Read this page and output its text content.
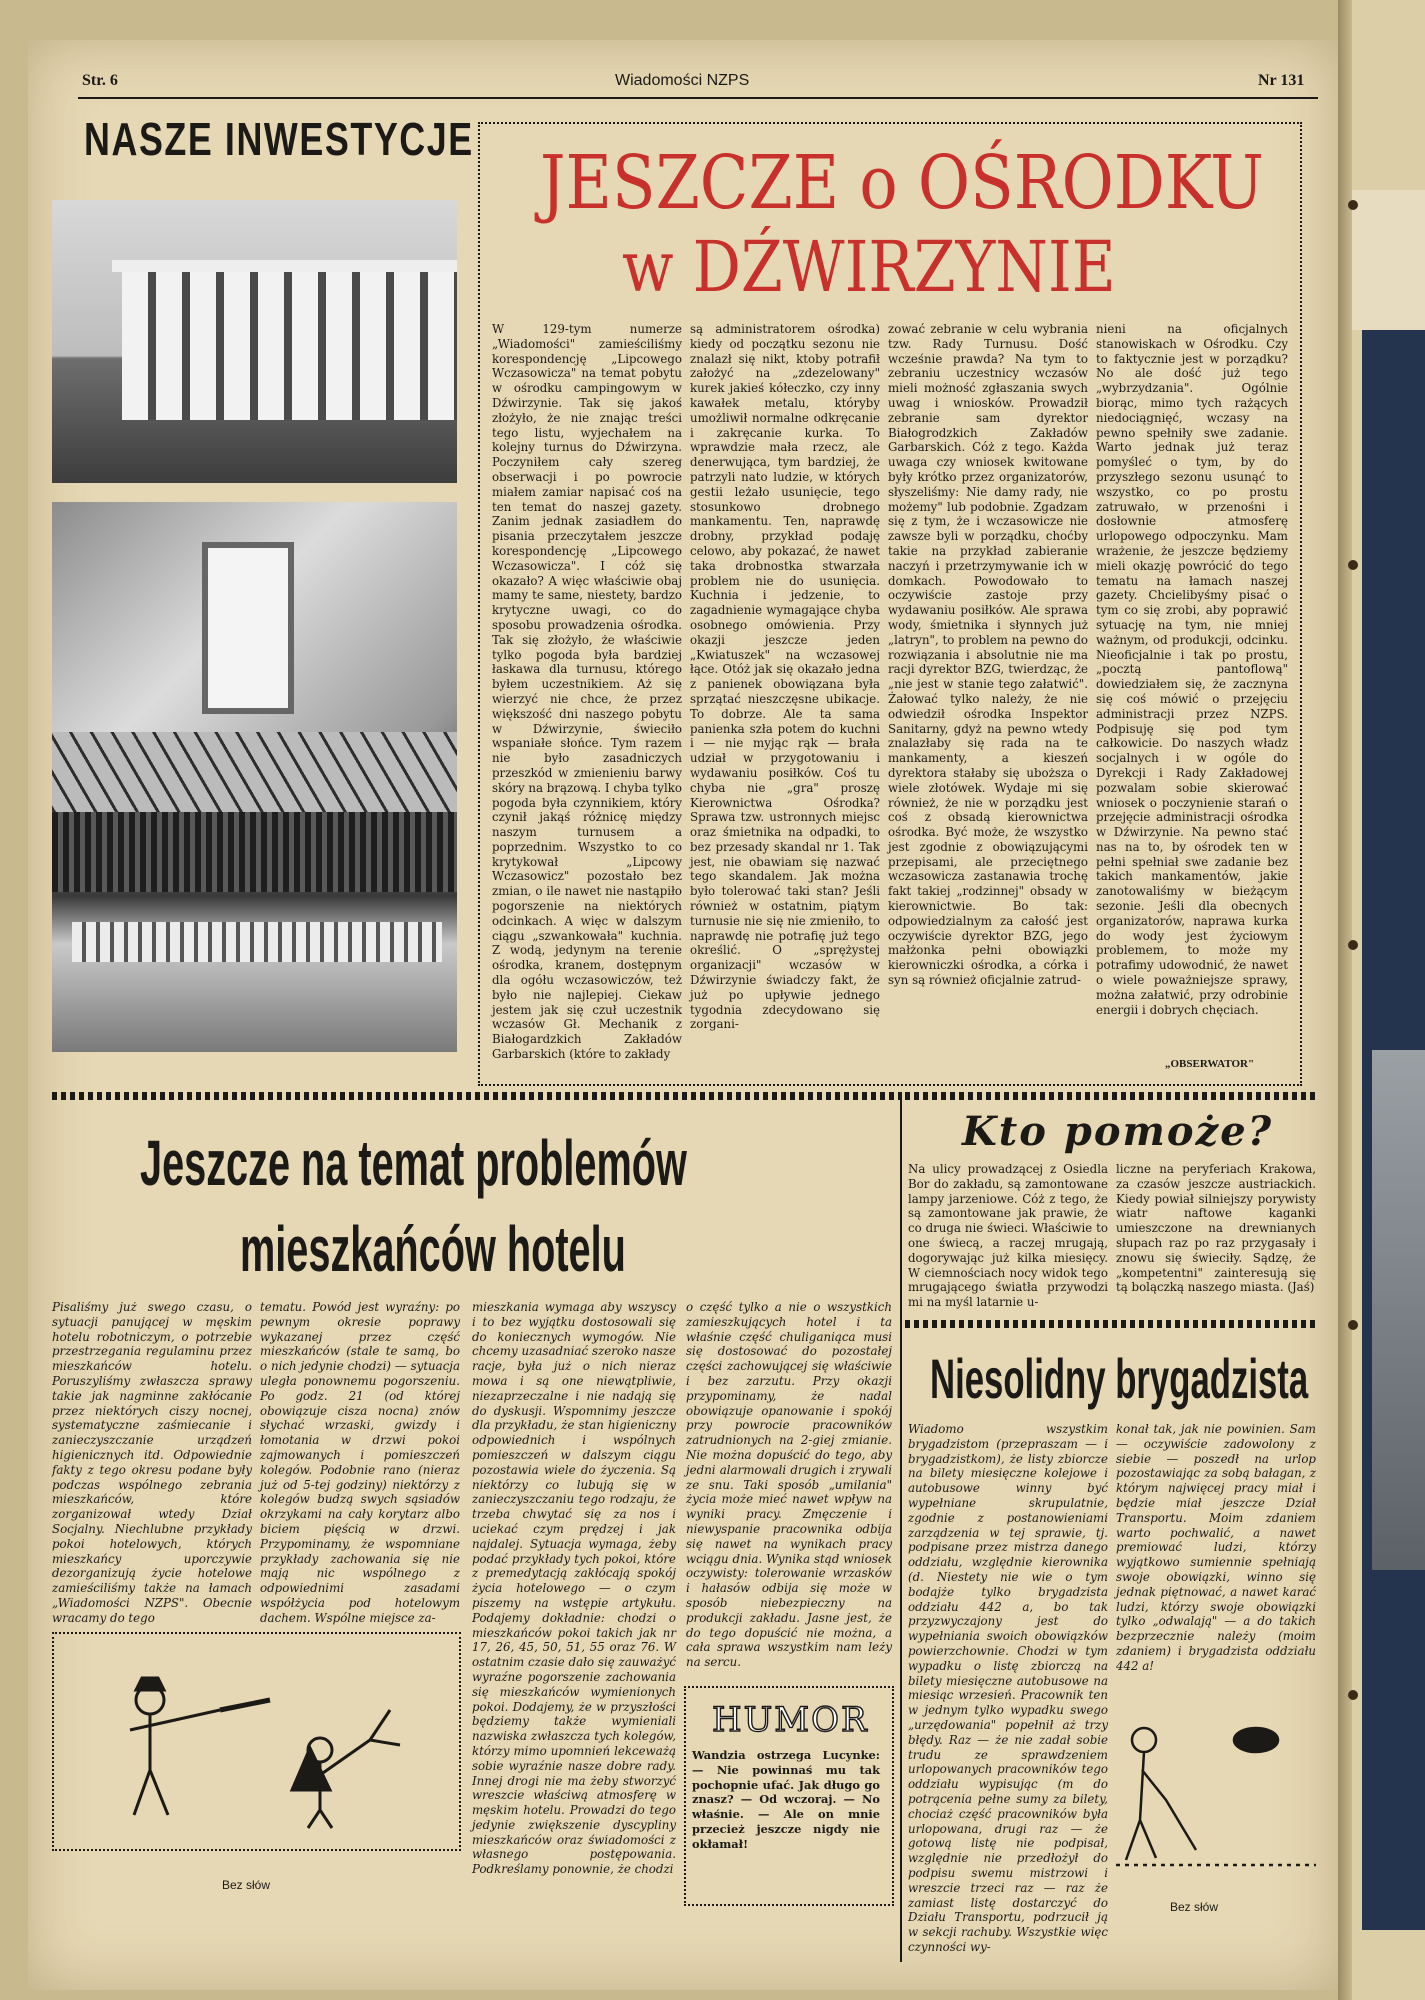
Str. 6	Wiadomości NZPS	Nr 131
NASZE INWESTYCJE
JESZCZE o OŚRODKU
w DŹWIRZYNIE

W 129-tym numerze „Wiadomości" zamieściliśmy korespondencję „Lipcowego Wczasowicza" na temat pobytu w ośrodku campingowym w Dźwirzynie. Tak się jakoś złożyło, że nie znając treści tego listu, wyjechałem na kolejny turnus do Dźwirzyna. Poczyniłem cały szereg obserwacji i po powrocie miałem zamiar napisać coś na ten temat do naszej gazety. Zanim jednak zasiadłem do pisania przeczytałem jeszcze korespondencję „Lipcowego Wczasowicza". I cóż się okazało? A więc właściwie obaj mamy te same, niestety, bardzo krytyczne uwagi, co do sposobu prowadzenia ośrodka. Tak się złożyło, że właściwie tylko pogoda była bardziej łaskawa dla turnusu, którego byłem uczestnikiem. Aż się wierzyć nie chce, że przez większość dni naszego pobytu w Dźwirzynie, świeciło wspaniałe słońce. Tym razem nie było zasadniczych przeszkód w zmienieniu barwy skóry na brązową. I chyba tylko pogoda była czynnikiem, który czynił jakąś różnicę między naszym turnusem a poprzednim. Wszystko to co krytykował „Lipcowy Wczasowicz" pozostało bez zmian, o ile nawet nie nastąpiło pogorszenie na niektórych odcinkach. A więc w dalszym ciągu „szwankowała" kuchnia. Z wodą, jedynym na terenie ośrodka, kranem, dostępnym dla ogółu wczasowiczów, też było nie najlepiej. Ciekaw jestem jak się czuł uczestnik wczasów Gł. Mechanik z Białogardzkich Zakładów Garbarskich (które to zakłady

są administratorem ośrodka) kiedy od początku sezonu nie znalazł się nikt, ktoby potrafił założyć na „zdezelowany" kurek jakieś kółeczko, czy inny kawałek metalu, któryby umożliwił normalne odkręcanie i zakręcanie kurka. To wprawdzie mała rzecz, ale denerwująca, tym bardziej, że patrzyli nato ludzie, w których gestii leżało usunięcie, tego stosunkowo drobnego mankamentu. Ten, naprawdę drobny, przykład podaję celowo, aby pokazać, że nawet taka drobnostka stwarzała problem nie do usunięcia. Kuchnia i jedzenie, to zagadnienie wymagające chyba osobnego omówienia. Przy okazji jeszcze jeden „Kwiatuszek" na wczasowej łące. Otóż jak się okazało jedna z panienek obowiązana była sprzątać nieszczęsne ubikacje. To dobrze. Ale ta sama panienka szła potem do kuchni i — nie myjąc rąk — brała udział w przygotowaniu i wydawaniu posiłków. Coś tu chyba nie „gra" proszę Kierownictwa Ośrodka? Sprawa tzw. ustronnych miejsc oraz śmietnika na odpadki, to bez przesady skandal nr 1. Tak jest, nie obawiam się nazwać tego skandalem. Jak można było tolerować taki stan? Jeśli również w ostatnim, piątym turnusie nie się nie zmieniło, to naprawdę nie potrafię już tego określić. O „sprężystej organizacji" wczasów w Dźwirzynie świadczy fakt, że już po upływie jednego tygodnia zdecydowano się zorgani-

zować zebranie w celu wybrania tzw. Rady Turnusu. Dość wcześnie prawda? Na tym to zebraniu uczestnicy wczasów mieli możność zgłaszania swych uwag i wniosków. Prowadził zebranie sam dyrektor Białogrodzkich Zakładów Garbarskich. Cóż z tego. Każda uwaga czy wniosek kwitowane były krótko przez organizatorów, słyszeliśmy: Nie damy rady, nie możemy" lub podobnie. Zgadzam się z tym, że i wczasowicze nie zawsze byli w porządku, choćby takie na przykład zabieranie naczyń i przetrzymywanie ich w domkach. Powodowało to oczywiście zastoje przy wydawaniu posiłków. Ale sprawa wody, śmietnika i słynnych już „latryn", to problem na pewno do rozwiązania i absolutnie nie ma racji dyrektor BZG, twierdząc, że „nie jest w stanie tego załatwić". Żałować tylko należy, że nie odwiedził ośrodka Inspektor Sanitarny, gdyż na pewno wtedy znalazłaby się rada na te mankamenty, a kieszeń dyrektora stałaby się uboższa o wiele złotówek. Wydaje mi się również, że nie w porządku jest coś z obsadą kierownictwa ośrodka. Być może, że wszystko jest zgodnie z obowiązującymi przepisami, ale przeciętnego wczasowicza zastanawia trochę fakt takiej „rodzinnej" obsady w kierownictwie. Bo tak: odpowiedzialnym za całość jest oczywiście dyrektor BZG, jego małżonka pełni obowiązki kierowniczki ośrodka, a córka i syn są również oficjalnie zatrud-

nieni na oficjalnych stanowiskach w Ośrodku. Czy to faktycznie jest w porządku? No ale dość już tego „wybrzydzania". Ogólnie biorąc, mimo tych rażących niedociągnięć, wczasy na pewno spełniły swe zadanie. Warto jednak już teraz pomyśleć o tym, by do przyszłego sezonu usunąć to wszystko, co po prostu zatruwało, w przenośni i dosłownie atmosferę urlopowego odpoczynku. Mam wrażenie, że jeszcze będziemy mieli okazję powrócić do tego tematu na łamach naszej gazety. Chcielibyśmy pisać o tym co się zrobi, aby poprawić sytuację na tym, nie mniej ważnym, od produkcji, odcinku. Nieoficjalnie i tak po prostu, „pocztą pantoflową" dowiedziałem się, że zacznyna się coś mówić o przejęciu administracji przez NZPS. Podpisuję się pod tym całkowicie. Do naszych władz socjalnych i w ogóle do Dyrekcji i Rady Zakładowej pozwalam sobie skierować wniosek o poczynienie starań o przejęcie administracji ośrodka w Dźwirzynie. Na pewno stać nas na to, by ośrodek ten w pełni spełniał swe zadanie bez takich mankamentów, jakie zanotowaliśmy w bieżącym sezonie. Jeśli dla obecnych organizatorów, naprawa kurka do wody jest życiowym problemem, to może my potrafimy udowodnić, że nawet o wiele poważniejsze sprawy, można załatwić, przy odrobinie energii i dobrych chęciach.

„OBSERWATOR"
Jeszcze na temat problemów
mieszkańców hotelu

Pisaliśmy już swego czasu, o sytuacji panującej w męskim hotelu robotniczym, o potrzebie przestrzegania regulaminu przez mieszkańców hotelu. Poruszyliśmy zwłaszcza sprawy takie jak nagminne zakłócanie przez niektórych ciszy nocnej, systematyczne zaśmiecanie i zanieczyszczanie urządzeń higienicznych itd. Odpowiednie fakty z tego okresu podane były podczas wspólnego zebrania mieszkańców, które zorganizował wtedy Dział Socjalny. Niechlubne przykłady pokoi hotelowych, których mieszkańcy uporczywie dezorganizują życie hotelowe zamieściliśmy także na łamach „Wiadomości NZPS". Obecnie wracamy do tego

tematu. Powód jest wyraźny: po pewnym okresie poprawy wykazanej przez część mieszkańców (stale te samą, bo o nich jedynie chodzi) — sytuacja uległa ponownemu pogorszeniu. Po godz. 21 (od której obowiązuje cisza nocna) znów słychać wrzaski, gwizdy i łomotania w drzwi pokoi zajmowanych i pomieszczeń kolegów. Podobnie rano (nieraz już od 5-tej godziny) niektórzy z kolegów budzą swych sąsiadów okrzykami na cały korytarz albo biciem pięścią w drzwi. Przypominamy, że wspomniane przykłady zachowania się nie mają nic wspólnego z odpowiednimi zasadami współżycia pod hotelowym dachem. Wspólne miejsce za-

mieszkania wymaga aby wszyscy i to bez wyjątku dostosowali się do koniecznych wymogów. Nie chcemy uzasadniać szeroko nasze racje, była już o nich nieraz mowa i są one niewątpliwie, niezaprzeczalne i nie nadają się do dyskusji. Wspomnimy jeszcze dla przykładu, że stan higieniczny odpowiednich i wspólnych pomieszczeń w dalszym ciągu pozostawia wiele do życzenia. Są niektórzy co lubują się w zanieczyszczaniu tego rodzaju, że trzeba chwytać się za nos i uciekać czym prędzej i jak najdalej. Sytuacja wymaga, żeby podać przykłady tych pokoi, które z premedytacją zakłócają spokój życia hotelowego — o czym piszemy na wstępie artykułu. Podajemy dokładnie: chodzi o mieszkańców pokoi takich jak nr 17, 26, 45, 50, 51, 55 oraz 76. W ostatnim czasie dało się zauważyć wyraźne pogorszenie zachowania się mieszkańców wymienionych pokoi. Dodajemy, że w przyszłości będziemy także wymieniali nazwiska zwłaszcza tych kolegów, którzy mimo upomnień lekceważą sobie wyraźnie nasze dobre rady. Innej drogi nie ma żeby stworzyć wreszcie właściwą atmosferę w męskim hotelu. Prowadzi do tego jedynie zwiększenie dyscypliny mieszkańców oraz świadomości z własnego postępowania. Podkreślamy ponownie, że chodzi

o część tylko a nie o wszystkich zamieszkujących hotel i ta właśnie część chuliganiąca musi się dostosować do pozostałej części zachowującej się właściwie i bez zarzutu. Przy okazji przypominamy, że nadal obowiązuje opanowanie i spokój przy powrocie pracowników zatrudnionych na 2-giej zmianie. Nie można dopuścić do tego, aby jedni alarmowali drugich i zrywali ze snu. Taki sposób „umilania" życia może mieć nawet wpływ na wyniki pracy. Zmęczenie i niewyspanie pracownika odbija się nawet na wynikach pracy wciągu dnia. Wynika stąd wniosek oczywisty: tolerowanie wrzasków i hałasów odbija się może w sposób niebezpieczny na produkcji zakładu. Jasne jest, że do tego dopuścić nie można, a cała sprawa wszystkim nam leży na sercu.

Bez słów
HUMOR

Wandzia ostrzega Lucynke: — Nie powinnaś mu tak pochopnie ufać. Jak długo go znasz? — Od wczoraj. — No właśnie. — Ale on mnie przecież jeszcze nigdy nie okłamał!

Kto pomoże?

Na ulicy prowadzącej z Osiedla Bor do zakładu, są zamontowane lampy jarzeniowe. Cóż z tego, że są zamontowane jak prawie, że co druga nie świeci. Właściwie to one świecą, a raczej mrugają, dogorywając już kilka miesięcy. W ciemnościach nocy widok tego mrugającego światła przywodzi mi na myśl latarnie u-

liczne na peryferiach Krakowa, za czasów jeszcze austriackich. Kiedy powiał silniejszy porywisty wiatr naftowe kaganki umieszczone na drewnianych słupach raz po raz przygasały i znowu się świeciły. Sądzę, że „kompetentni" zainteresują się tą bolączką naszego miasta. (Jaś)

Niesolidny brygadzista

Wiadomo wszystkim brygadzistom (przepraszam — i brygadzistkom), że listy zbiorcze na bilety miesięczne kolejowe i autobusowe winny być wypełniane skrupulatnie, zgodnie z postanowieniami zarządzenia w tej sprawie, tj. podpisane przez mistrza danego oddziału, względnie kierownika (d. Niestety nie wie o tym bodajże tylko brygadzista oddziału 442 a, bo tak przyzwyczajony jest do wypełniania swoich obowiązków powierzchownie. Chodzi w tym wypadku o listę zbiorczą na bilety miesięczne autobusowe na miesiąc wrzesień. Pracownik ten w jednym tylko wypadku swego „urzędowania" popełnił aż trzy błędy. Raz — że nie zadał sobie trudu ze sprawdzeniem urlopowanych pracowników tego oddziału wypisując (m do potrącenia pełne sumy za bilety, chociaż część pracowników była urlopowana, drugi raz — że gotową listę nie podpisał, względnie nie przedłożył do podpisu swemu mistrzowi i wreszcie trzeci raz — raz że zamiast listę dostarczyć do Działu Transportu, podrzucił ją w sekcji rachuby. Wszystkie więc czynności wy-

konał tak, jak nie powinien. Sam — oczywiście zadowolony z siebie — poszedł na urlop pozostawiając za sobą bałagan, z którym najwięcej pracy miał i będzie miał jeszcze Dział Transportu. Moim zdaniem warto pochwalić, a nawet premiować ludzi, którzy wyjątkowo sumiennie spełniają swoje obowiązki, winno się jednak piętnować, a nawet karać ludzi, którzy swoje obowiązki tylko „odwalają" — a do takich bezprzecznie należy (moim zdaniem) i brygadzista oddziału 442 a!

Bez słów
